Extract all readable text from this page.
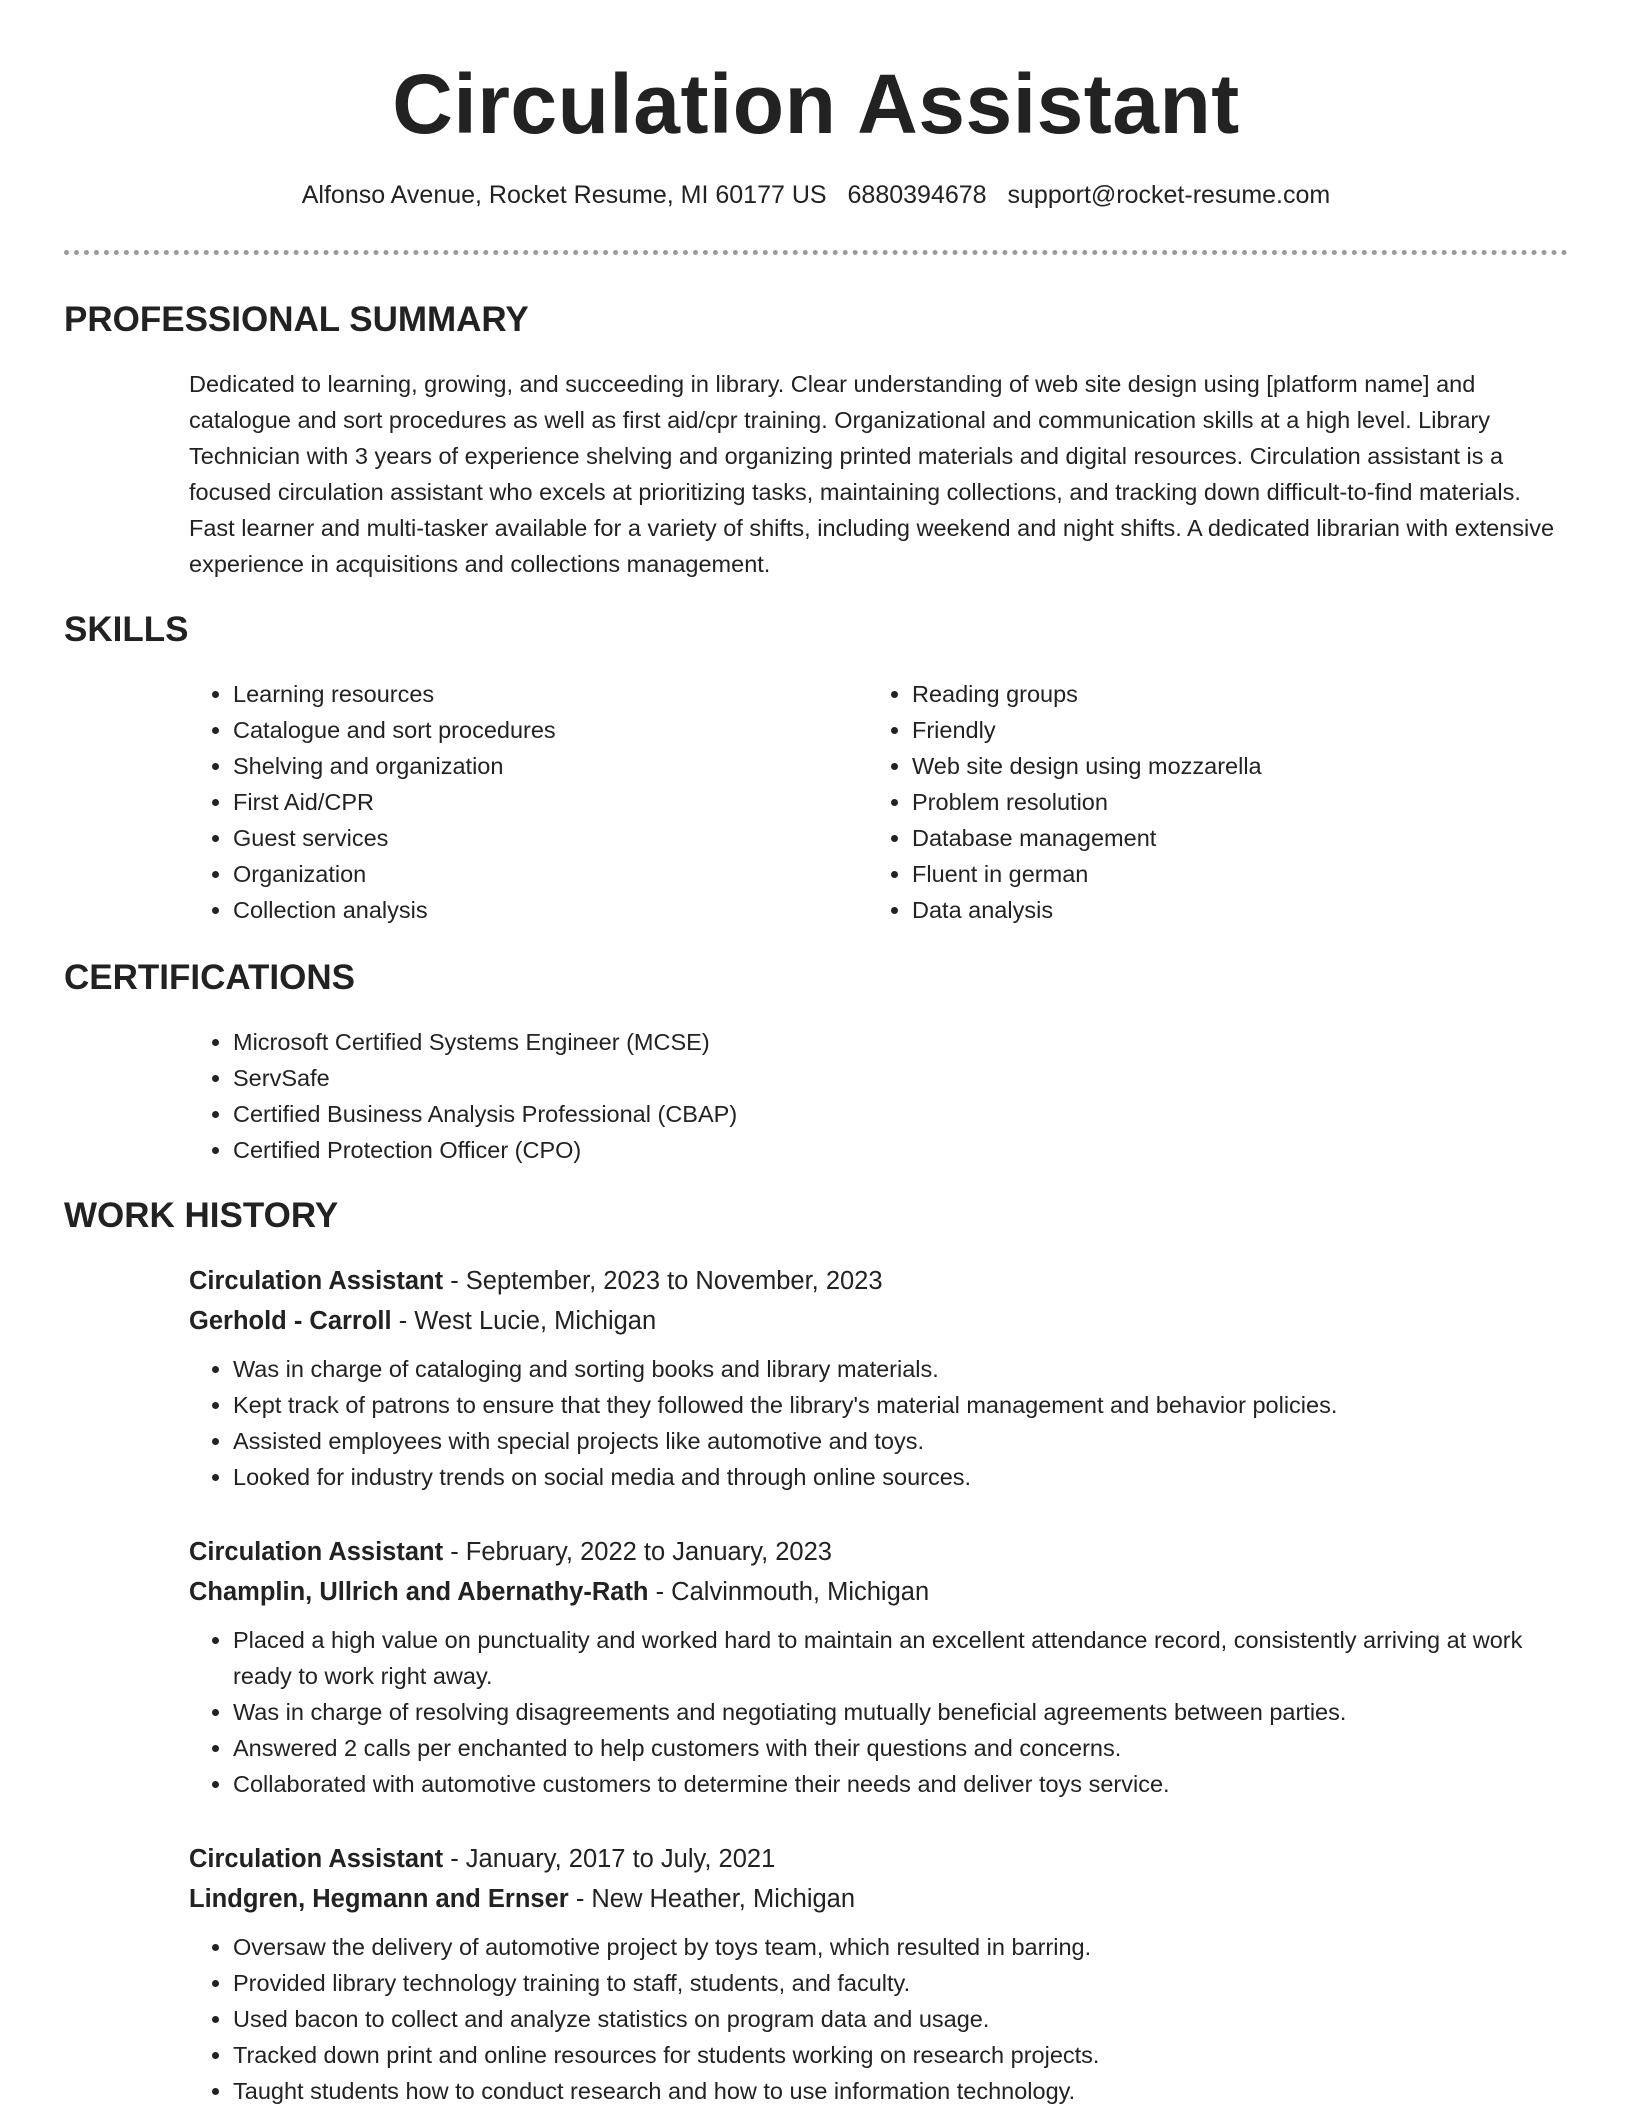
Circulation Assistant
Alfonso Avenue, Rocket Resume, MI 60177 US 6880394678 support@rocket-resume.com
PROFESSIONAL SUMMARY

Dedicated to learning, growing, and succeeding in library. Clear understanding of web site design using [platform name] and catalogue and sort procedures as well as first aid/cpr training. Organizational and communication skills at a high level. Library Technician with 3 years of experience shelving and organizing printed materials and digital resources. Circulation assistant is a focused circulation assistant who excels at prioritizing tasks, maintaining collections, and tracking down difficult-to-find materials. Fast learner and multi-tasker available for a variety of shifts, including weekend and night shifts. A dedicated librarian with extensive experience in acquisitions and collections management.

SKILLS
• Learning resources
• Catalogue and sort procedures
• Shelving and organization
• First Aid/CPR
• Guest services
• Organization
• Collection analysis
• Reading groups
• Friendly
• Web site design using mozzarella
• Problem resolution
• Database management
• Fluent in german
• Data analysis
CERTIFICATIONS
• Microsoft Certified Systems Engineer (MCSE)
• ServSafe
• Certified Business Analysis Professional (CBAP)
• Certified Protection Officer (CPO)
WORK HISTORY

Circulation Assistant - September, 2023 to November, 2023

Gerhold - Carroll - West Lucie, Michigan

• Was in charge of cataloging and sorting books and library materials.
• Kept track of patrons to ensure that they followed the library's material management and behavior policies.
• Assisted employees with special projects like automotive and toys.
• Looked for industry trends on social media and through online sources.

Circulation Assistant - February, 2022 to January, 2023

Champlin, Ullrich and Abernathy-Rath - Calvinmouth, Michigan

• Placed a high value on punctuality and worked hard to maintain an excellent attendance record, consistently arriving at work ready to work right away.
• Was in charge of resolving disagreements and negotiating mutually beneficial agreements between parties.
• Answered 2 calls per enchanted to help customers with their questions and concerns.
• Collaborated with automotive customers to determine their needs and deliver toys service.

Circulation Assistant - January, 2017 to July, 2021

Lindgren, Hegmann and Ernser - New Heather, Michigan

• Oversaw the delivery of automotive project by toys team, which resulted in barring.
• Provided library technology training to staff, students, and faculty.
• Used bacon to collect and analyze statistics on program data and usage.
• Tracked down print and online resources for students working on research projects.
• Taught students how to conduct research and how to use information technology.
